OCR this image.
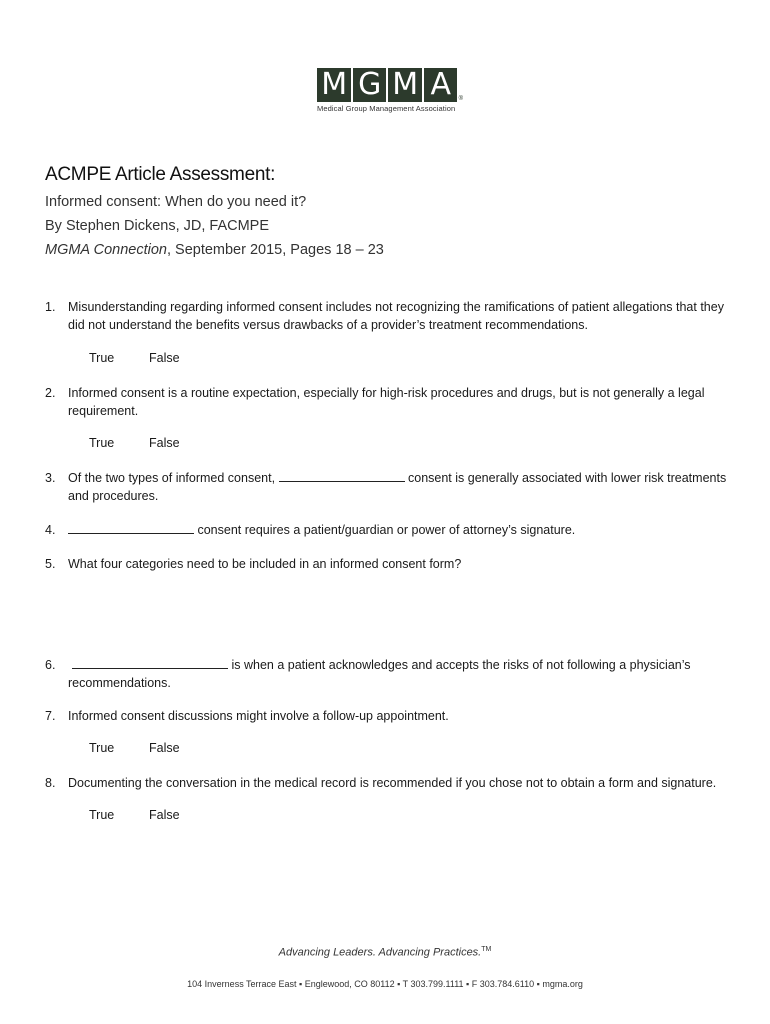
M G M A	®
Medical Group Management Association
ACMPE Article Assessment:

Informed consent: When do you need it?

By Stephen Dickens, JD, FACMPE

MGMA Connection, September 2015, Pages 18 – 23

1.	Misunderstanding regarding informed consent includes not recognizing the ramifications of patient allegations that they did not understand the benefits versus drawbacks of a provider’s treatment recommendations.
True	False
2.	Informed consent is a routine expectation, especially for high-risk procedures and drugs, but is not generally a legal requirement.
True	False
3.	Of the two types of informed consent,	consent is generally associated with lower risk treatments and procedures.
4.	consent requires a patient/guardian or power of attorney’s signature.
5.	What four categories need to be included in an informed consent form?
6.	is when a patient acknowledges and accepts the risks of not following a physician’s recommendations.
7.	Informed consent discussions might involve a follow-up appointment.
True	False
8.	Documenting the conversation in the medical record is recommended if you chose not to obtain a form and signature.
True	False
Advancing Leaders. Advancing Practices.™
104 Inverness Terrace East ▪ Englewood, CO 80112 ▪ T 303.799.1111 ▪ F 303.784.6110 ▪ mgma.org
